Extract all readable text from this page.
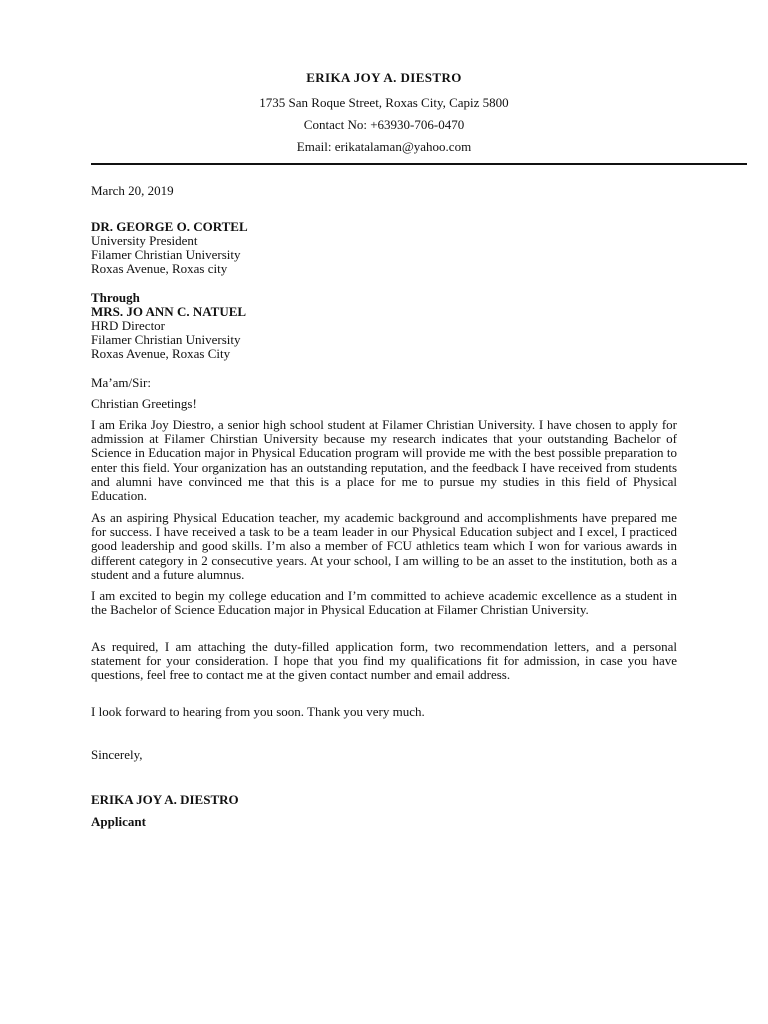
ERIKA JOY A. DIESTRO
1735 San Roque Street, Roxas City, Capiz 5800
Contact No: +63930-706-0470
Email: erikatalaman@yahoo.com
March 20, 2019
DR. GEORGE O. CORTEL
University President
Filamer Christian University
Roxas Avenue, Roxas city
Through
MRS. JO ANN C. NATUEL
HRD Director
Filamer Christian University
Roxas Avenue, Roxas City
Ma’am/Sir:
Christian Greetings!

I am Erika Joy Diestro, a senior high school student at Filamer Christian University. I have chosen to apply for admission at Filamer Chirstian University because my research indicates that your outstanding Bachelor of Science in Education major in Physical Education program will provide me with the best possible preparation to enter this field. Your organization has an outstanding reputation, and the feedback I have received from students and alumni have convinced me that this is a place for me to pursue my studies in this field of Physical Education.

As an aspiring Physical Education teacher, my academic background and accomplishments have prepared me for success. I have received a task to be a team leader in our Physical Education subject and I excel, I practiced good leadership and good skills. I’m also a member of FCU athletics team which I won for various awards in different category in 2 consecutive years. At your school, I am willing to be an asset to the institution, both as a student and a future alumnus.

I am excited to begin my college education and I’m committed to achieve academic excellence as a student in the Bachelor of Science Education major in Physical Education at Filamer Christian University.

As required, I am attaching the duty-filled application form, two recommendation letters, and a personal statement for your consideration. I hope that you find my qualifications fit for admission, in case you have questions, feel free to contact me at the given contact number and email address.

I look forward to hearing from you soon. Thank you very much.

Sincerely,
ERIKA JOY A. DIESTRO
Applicant
